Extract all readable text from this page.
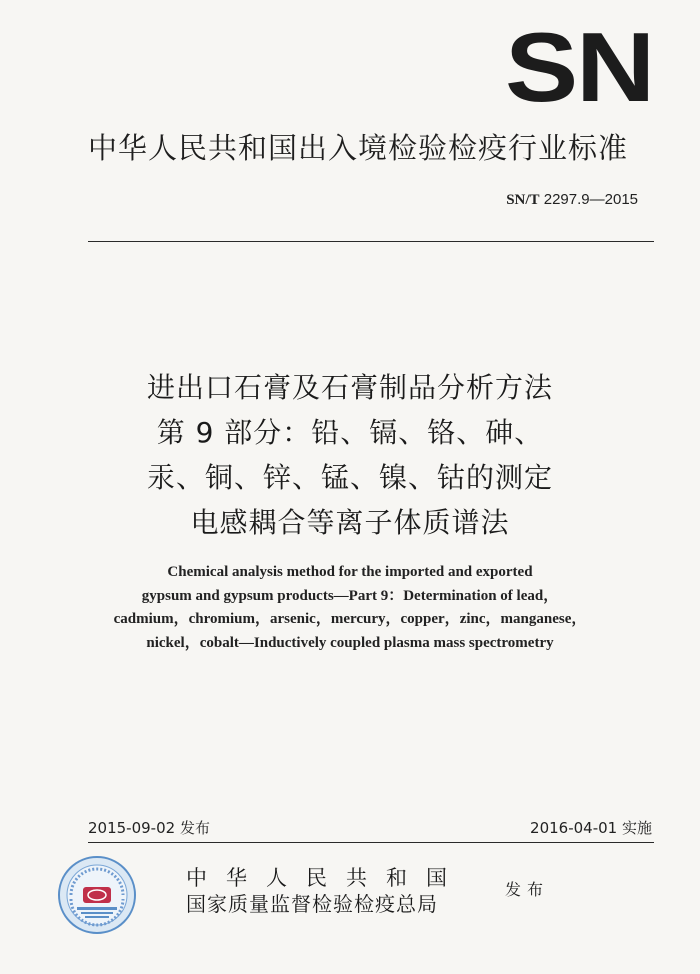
SN
中华人民共和国出入境检验检疫行业标准
SN/T 2297.9—2015
进出口石膏及石膏制品分析方法
第 9 部分：铅、镉、铬、砷、
汞、铜、锌、锰、镍、钴的测定
电感耦合等离子体质谱法
Chemical analysis method for the imported and exported
gypsum and gypsum products—Part 9：Determination of lead，
cadmium，chromium，arsenic，mercury，copper，zinc，manganese，
nickel，cobalt—Inductively coupled plasma mass spectrometry
2015-09-02 发布	2016-04-01 实施
中华人民共和国
国家质量监督检验检疫总局
发布
